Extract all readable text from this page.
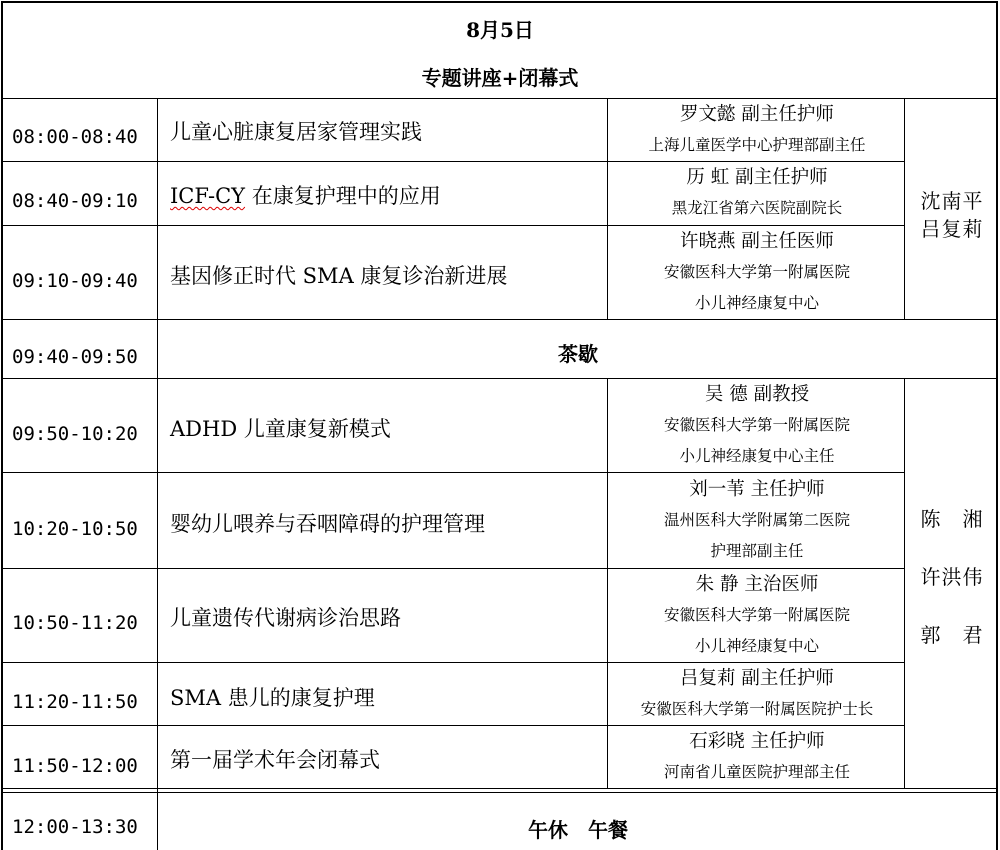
8月5日
专题讲座+闭幕式
08:00-08:40 儿童心脏康复居家管理实践
罗文懿 副主任护师
上海儿童医学中心护理部副主任
08:40-09:10 ICF-CY 在康复护理中的应用
历 虹 副主任护师
黑龙江省第六医院副院长
09:10-09:40 基因修正时代 SMA 康复诊治新进展
许晓燕 副主任医师
安徽医科大学第一附属医院
小儿神经康复中心
沈南平
吕复莉
09:40-09:50	茶歇
09:50-10:20 ADHD 儿童康复新模式
吴 德 副教授
安徽医科大学第一附属医院
小儿神经康复中心主任
10:20-10:50 婴幼儿喂养与吞咽障碍的护理管理
刘一苇 主任护师
温州医科大学附属第二医院
护理部副主任
10:50-11:20 儿童遗传代谢病诊治思路
朱 静 主治医师
安徽医科大学第一附属医院
小儿神经康复中心
11:20-11:50 SMA 患儿的康复护理
吕复莉 副主任护师
安徽医科大学第一附属医院护士长
11:50-12:00 第一届学术年会闭幕式
石彩晓 主任护师
河南省儿童医院护理部主任
陈　湘
许洪伟
郭　君
12:00-13:30	午休　午餐
